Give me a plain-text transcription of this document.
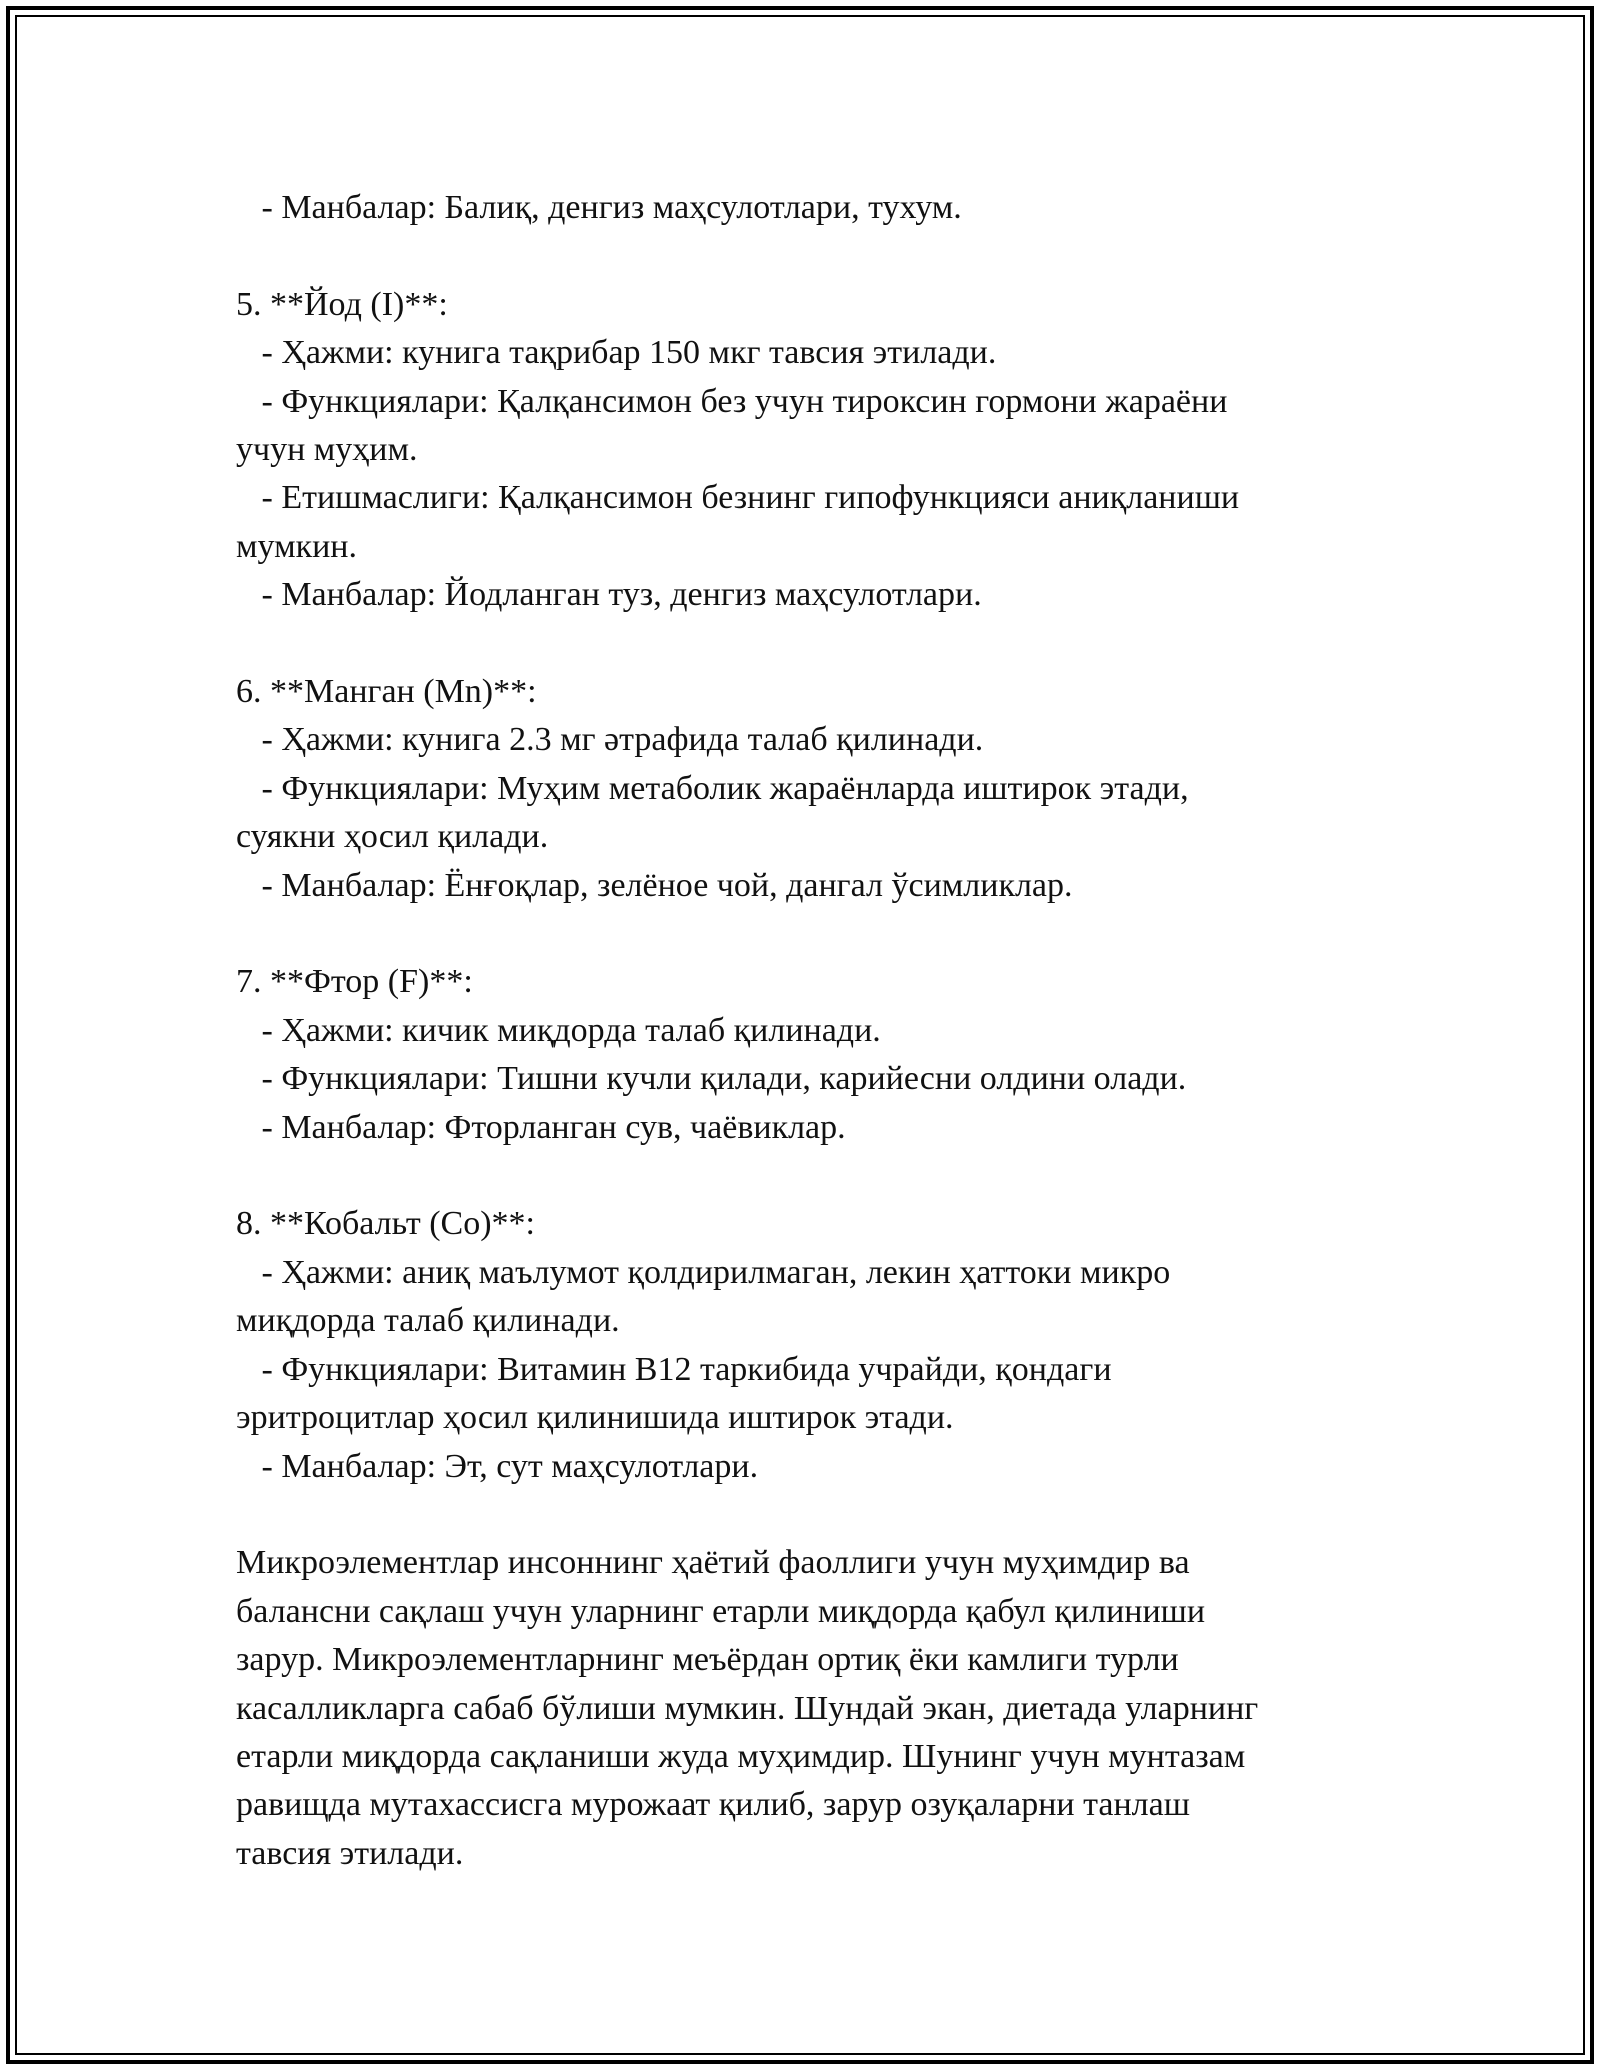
- Манбалар: Балиқ, денгиз маҳсулотлари, тухум.

5. **Йод (I)**:

- Ҳажми: кунига тақрибар 150 мкг тавсия этилади.

- Функциялари: Қалқансимон без учун тироксин гормони жараёни

учун муҳим.

- Етишмаслиги: Қалқансимон безнинг гипофункцияси аниқланиши

мумкин.

- Манбалар: Йодланган туз, денгиз маҳсулотлари.

6. **Манган (Mn)**:

- Ҳажми: кунига 2.3 мг әтрафида талаб қилинади.

- Функциялари: Муҳим метаболик жараёнларда иштирок этади,

суякни ҳосил қилади.

- Манбалар: Ёнғоқлар, зелёное чой, дангал ўсимликлар.

7. **Фтор (F)**:

- Ҳажми: кичик миқдорда талаб қилинади.

- Функциялари: Тишни кучли қилади, карийесни олдини олади.

- Манбалар: Фторланган сув, чаёвиклар.

8. **Кобальт (Co)**:

- Ҳажми: аниқ маълумот қолдирилмаган, лекин ҳаттоки микро

миқдорда талаб қилинади.

- Функциялари: Витамин B12 таркибида учрайди, қондаги

эритроцитлар ҳосил қилинишида иштирок этади.

- Манбалар: Эт, сут маҳсулотлари.

Микроэлементлар инсоннинг ҳаётий фаоллиги учун муҳимдир ва

балансни сақлаш учун уларнинг етарли миқдорда қабул қилиниши

зарур. Микроэлементларнинг меъёрдан ортиқ ёки камлиги турли

касалликларга сабаб бўлиши мумкин. Шундай экан, диетада уларнинг

етарли миқдорда сақланиши жуда муҳимдир. Шунинг учун мунтазам

равищда мутахассисга мурожаат қилиб, зарур озуқаларни танлаш

тавсия этилади.
